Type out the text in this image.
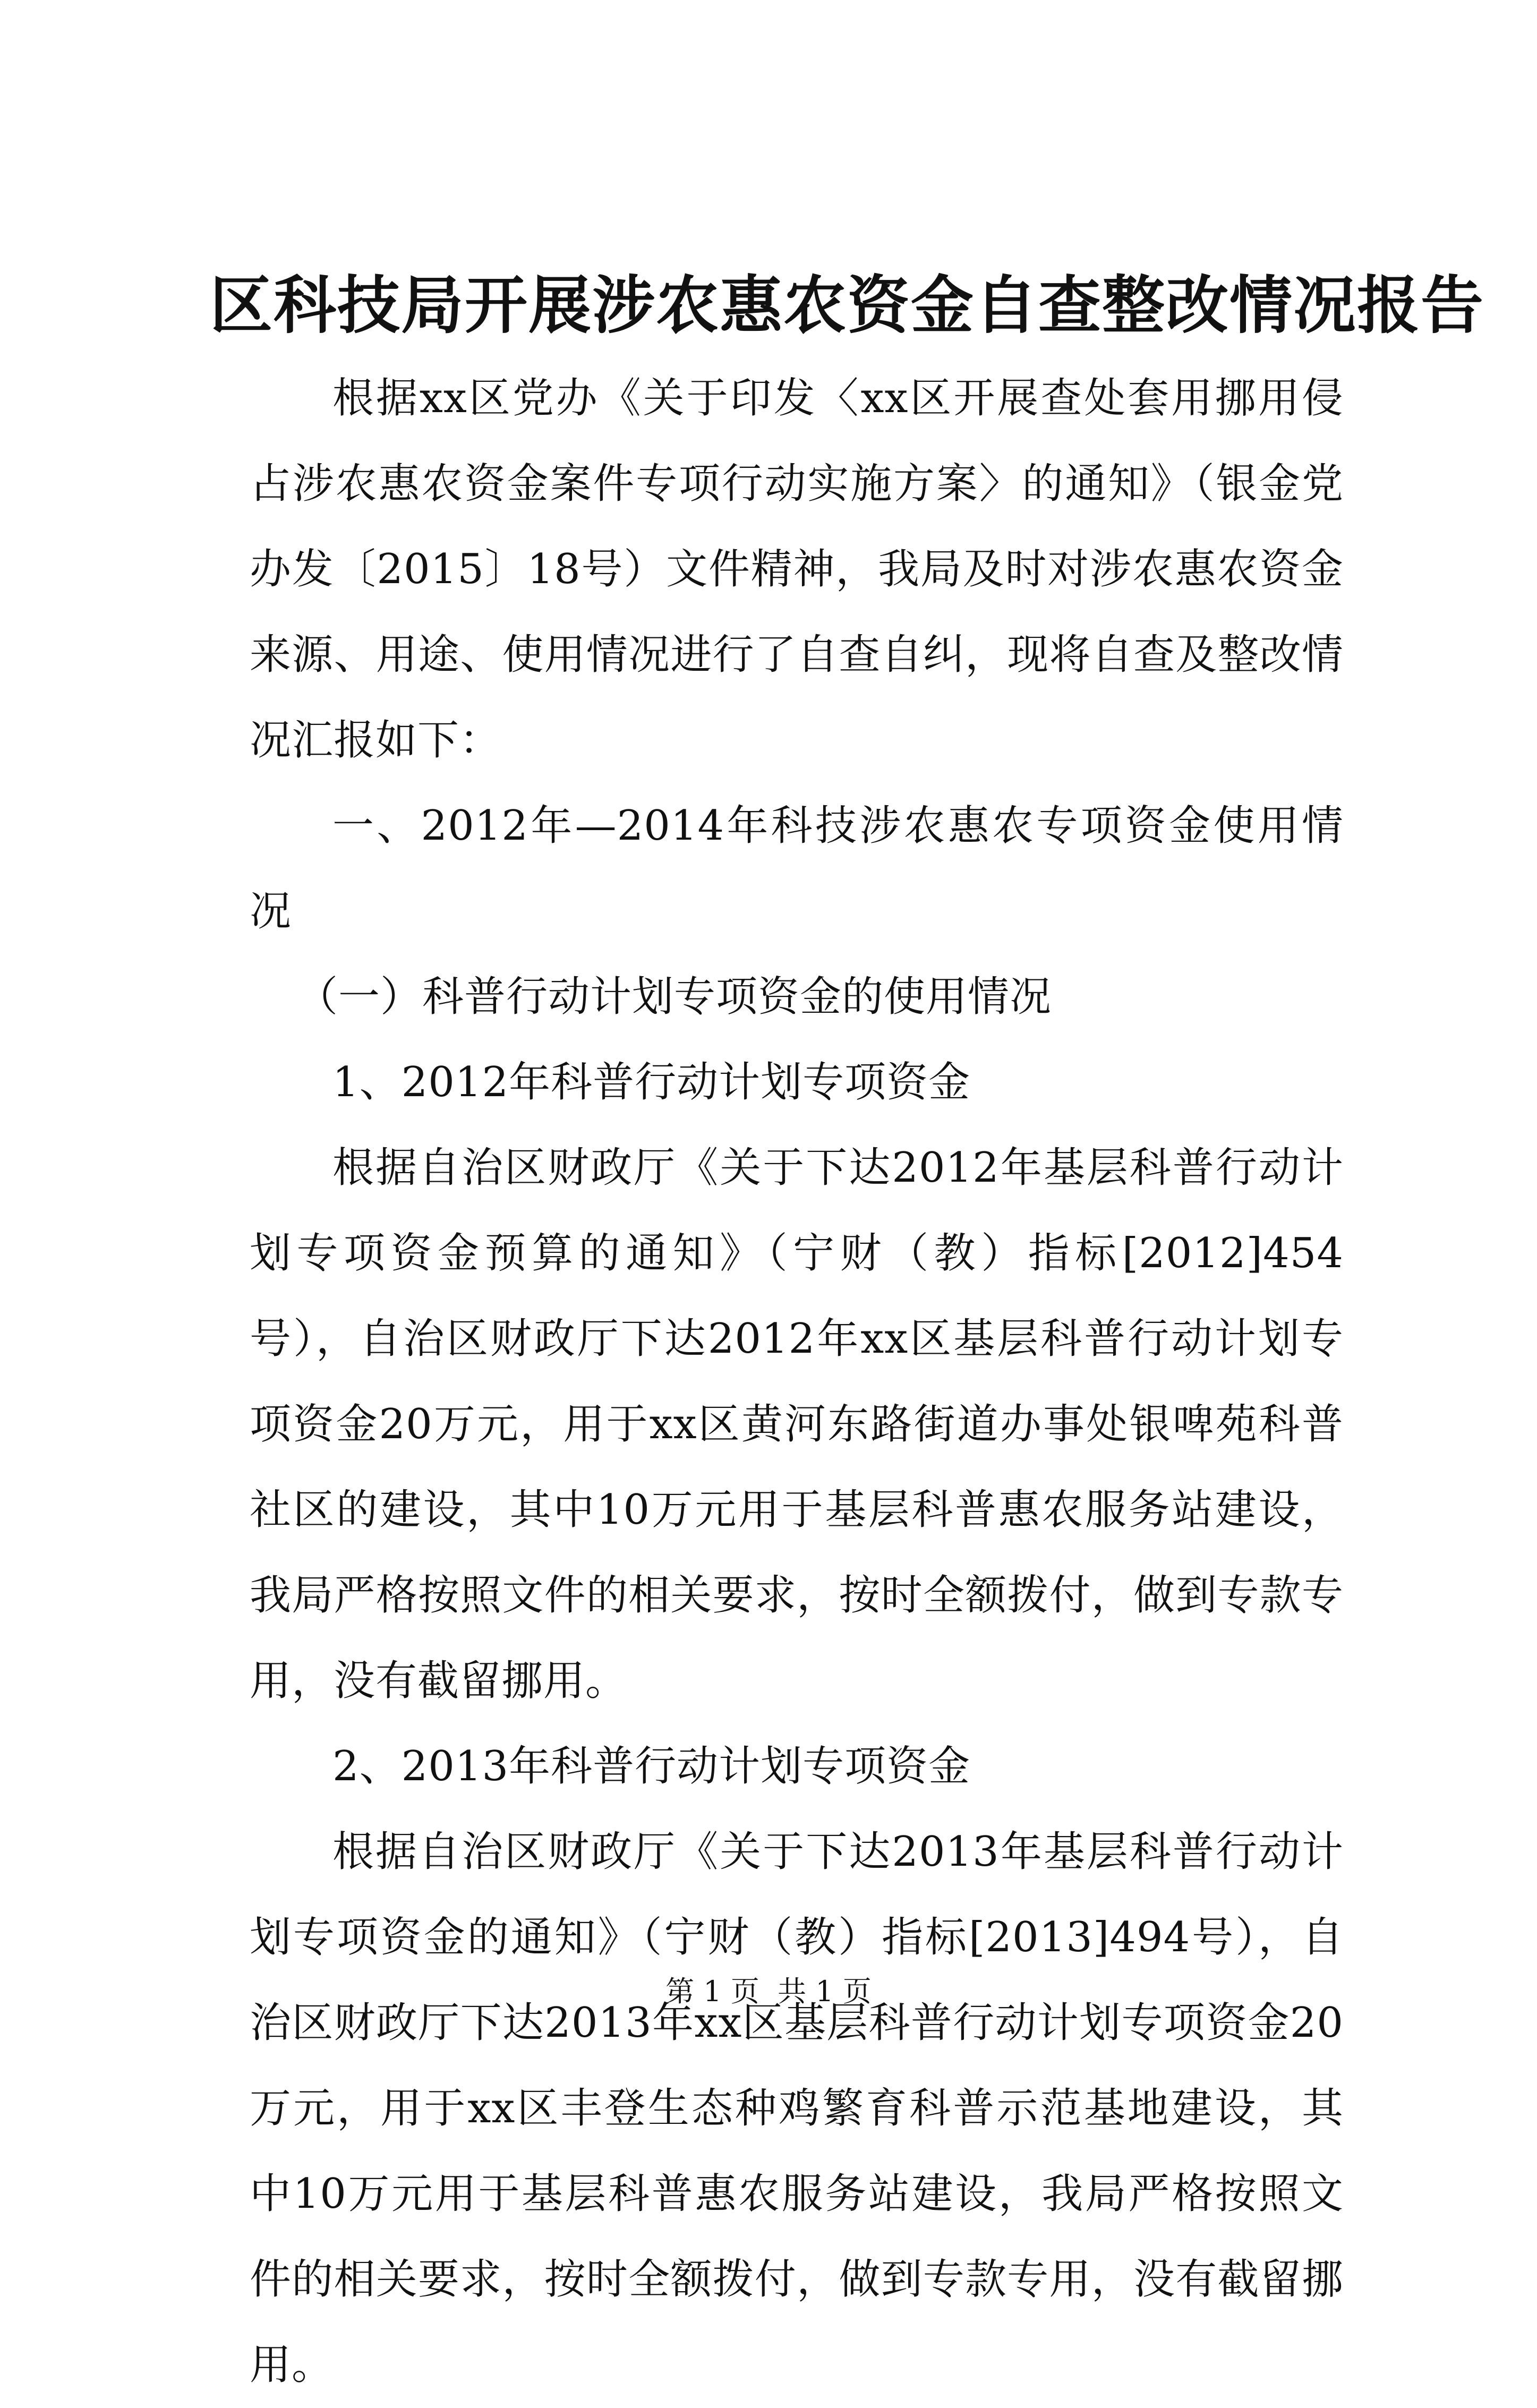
区科技局开展涉农惠农资金自查整改情况报告

根据xx区党办《关于印发〈xx区开展查处套用挪用侵占涉农惠农资金案件专项行动实施方案〉的通知》（银金党办发〔2015〕18号）文件精神，我局及时对涉农惠农资金来源、用途、使用情况进行了自查自纠，现将自查及整改情况汇报如下：

一、2012年—2014年科技涉农惠农专项资金使用情况

（一）科普行动计划专项资金的使用情况

1、2012年科普行动计划专项资金

根据自治区财政厅《关于下达2012年基层科普行动计划专项资金预算的通知》（宁财（教）指标[2012]454号），自治区财政厅下达2012年xx区基层科普行动计划专项资金20万元，用于xx区黄河东路街道办事处银啤苑科普社区的建设，其中10万元用于基层科普惠农服务站建设，我局严格按照文件的相关要求，按时全额拨付，做到专款专用，没有截留挪用。

2、2013年科普行动计划专项资金

根据自治区财政厅《关于下达2013年基层科普行动计划专项资金的通知》（宁财（教）指标[2013]494号），自治区财政厅下达2013年xx区基层科普行动计划专项资金20万元，用于xx区丰登生态种鸡繁育科普示范基地建设，其中10万元用于基层科普惠农服务站建设，我局严格按照文件的相关要求，按时全额拨付，做到专款专用，没有截留挪用。

第 1 页  共 1 页
